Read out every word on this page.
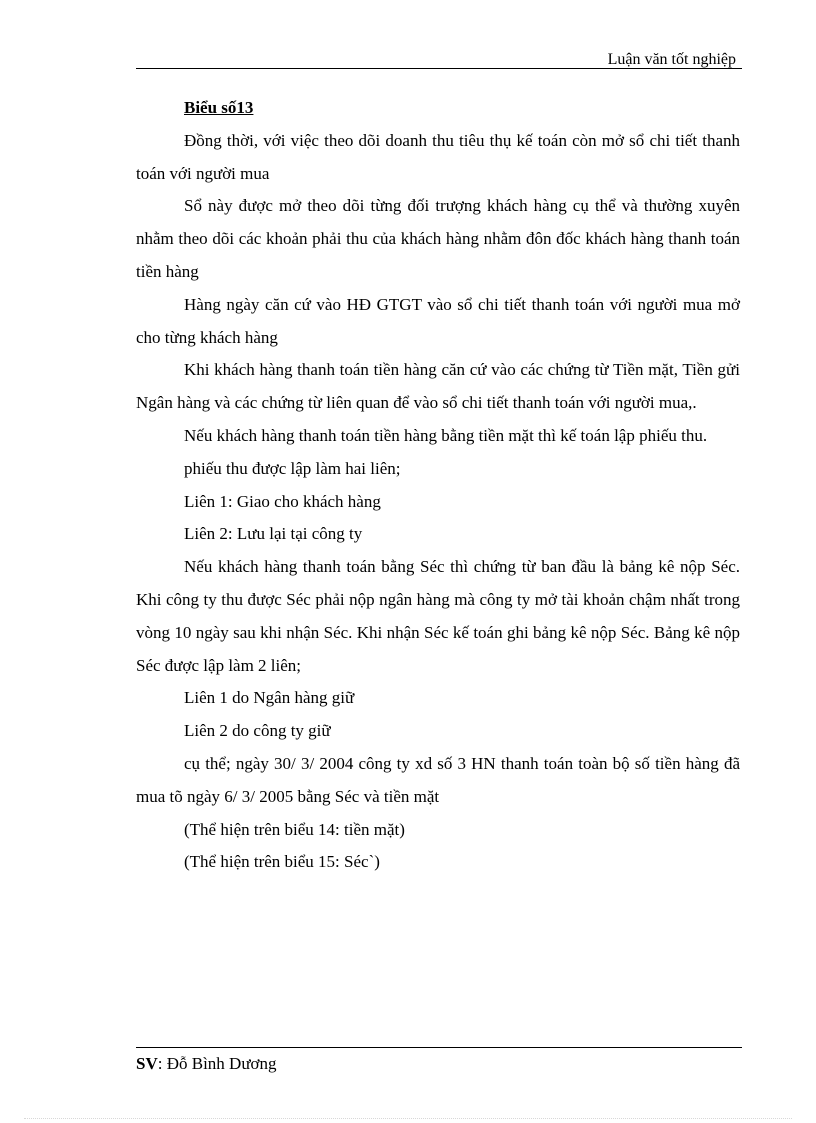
Luận văn tốt nghiệp

Biểu số13

Đồng thời, với việc theo dõi doanh thu tiêu thụ kế toán còn mở sổ chi tiết thanh toán với người mua

Sổ này được mở theo dõi từng đối trượng khách hàng cụ thể và thường xuyên nhằm theo dõi các khoản phải thu của khách hàng nhằm đôn đốc khách hàng thanh toán tiền hàng

Hàng ngày căn cứ vào HĐ GTGT vào sổ chi tiết thanh toán với người mua mở cho từng khách hàng

Khi khách hàng thanh toán tiền hàng căn cứ vào các chứng từ Tiền mặt, Tiền gửi Ngân hàng và các chứng từ liên quan để vào sổ chi tiết thanh toán với người mua,.

Nếu khách hàng thanh toán tiền hàng bằng tiền mặt thì kế toán lập phiếu thu.

phiếu thu được lập làm hai liên;

Liên 1: Giao cho khách hàng

Liên 2: Lưu lại tại công ty

Nếu khách hàng thanh toán bằng Séc thì chứng từ ban đầu là bảng kê nộp Séc. Khi công ty thu được Séc phải nộp ngân hàng mà công ty mở tài khoản chậm nhất trong vòng 10 ngày sau khi nhận Séc. Khi nhận Séc kế toán ghi bảng kê nộp Séc. Bảng kê nộp Séc được lập làm 2 liên;

Liên 1 do Ngân hàng giữ

Liên 2 do công ty giữ

cụ thể; ngày 30/ 3/ 2004 công ty xd số 3 HN thanh toán toàn bộ số tiền hàng đã mua tõ ngày 6/ 3/ 2005 bằng Séc và tiền mặt

(Thể hiện trên biểu 14: tiền mặt)

(Thể hiện trên biểu 15: Séc`)

SV: Đỗ Bình Dương
